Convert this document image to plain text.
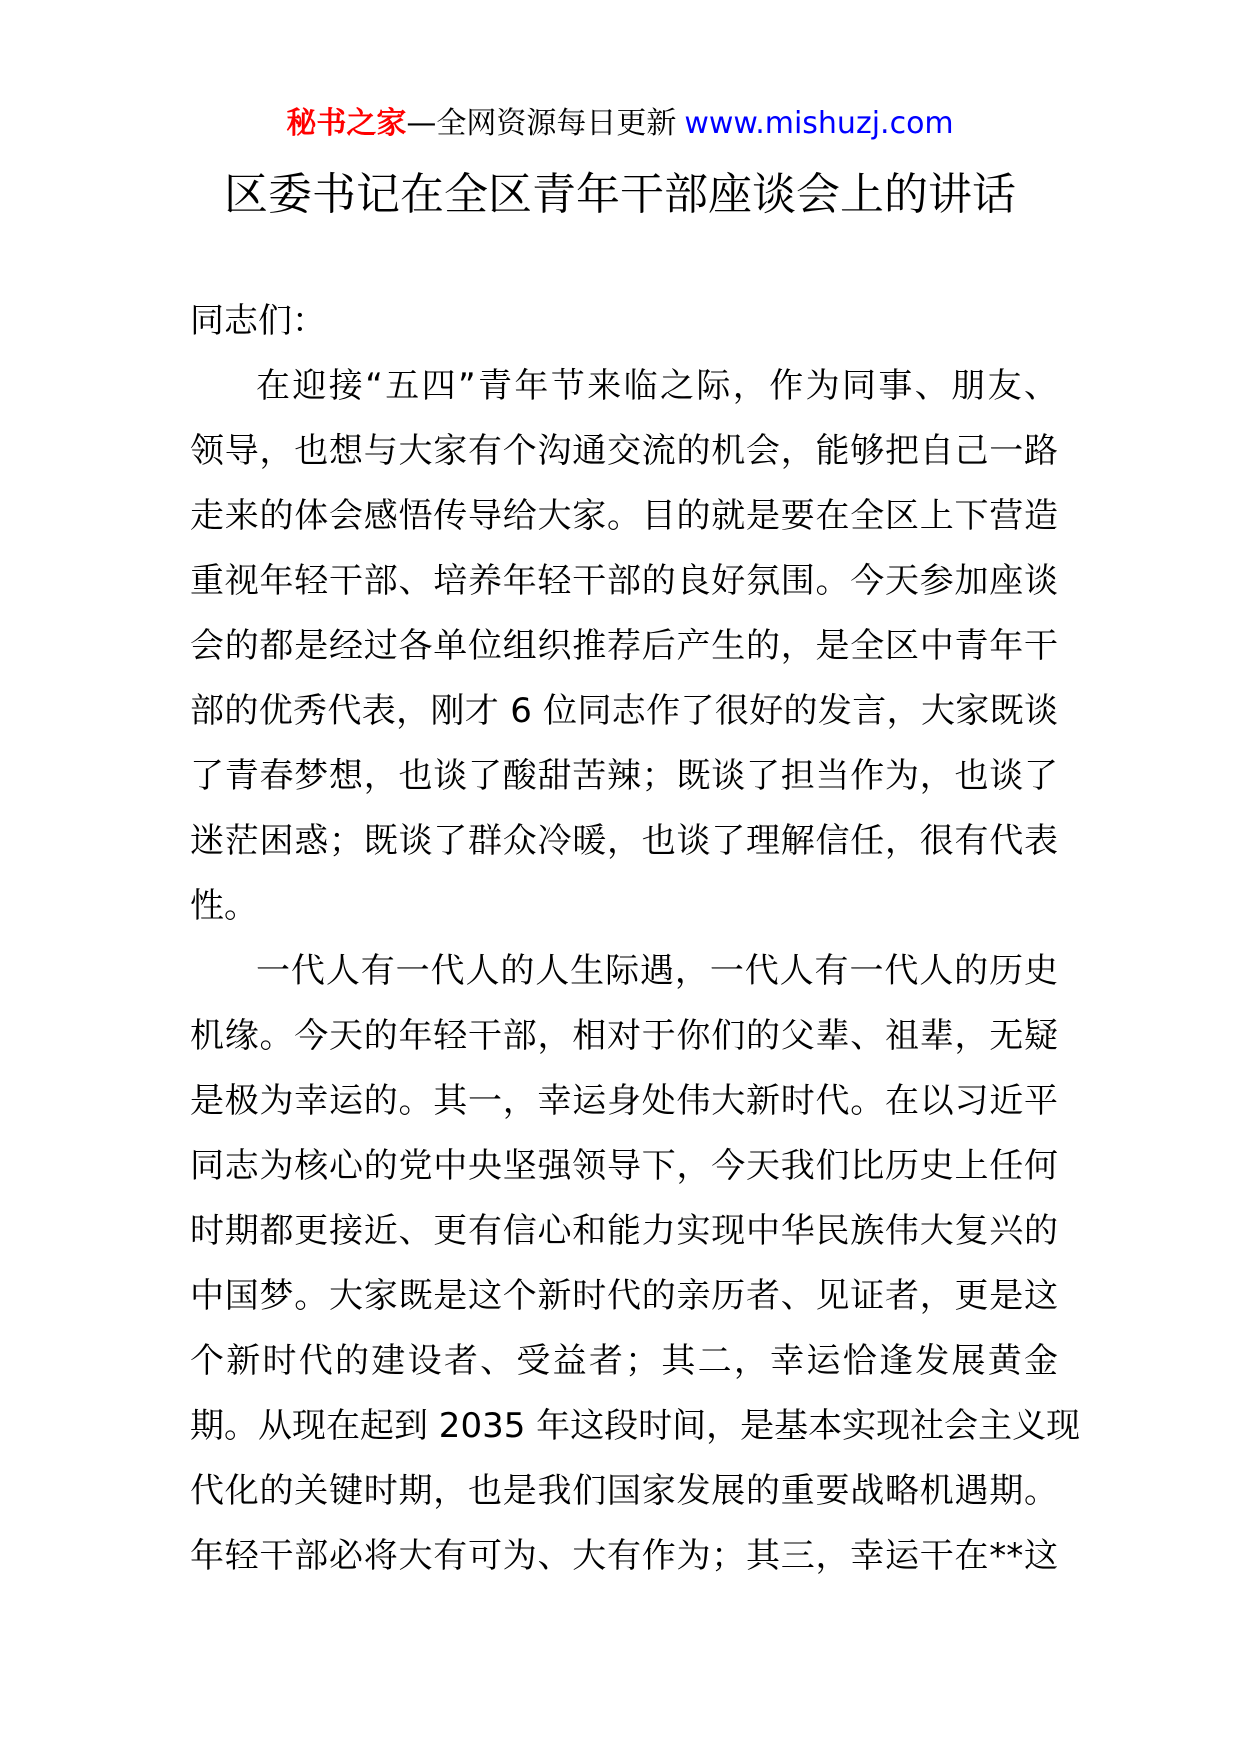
秘书之家—全网资源每日更新 www.mishuzj.com
区委书记在全区青年干部座谈会上的讲话
同志们：
在迎接“五四”青年节来临之际，作为同事、朋友、
领导，也想与大家有个沟通交流的机会，能够把自己一路
走来的体会感悟传导给大家。目的就是要在全区上下营造
重视年轻干部、培养年轻干部的良好氛围。今天参加座谈
会的都是经过各单位组织推荐后产生的，是全区中青年干
部的优秀代表，刚才 6 位同志作了很好的发言，大家既谈
了青春梦想，也谈了酸甜苦辣；既谈了担当作为，也谈了
迷茫困惑；既谈了群众冷暖，也谈了理解信任，很有代表
性。
一代人有一代人的人生际遇，一代人有一代人的历史
机缘。今天的年轻干部，相对于你们的父辈、祖辈，无疑
是极为幸运的。其一，幸运身处伟大新时代。在以习近平
同志为核心的党中央坚强领导下，今天我们比历史上任何
时期都更接近、更有信心和能力实现中华民族伟大复兴的
中国梦。大家既是这个新时代的亲历者、见证者，更是这
个新时代的建设者、受益者；其二，幸运恰逢发展黄金
期。从现在起到 2035 年这段时间，是基本实现社会主义现
代化的关键时期，也是我们国家发展的重要战略机遇期。
年轻干部必将大有可为、大有作为；其三，幸运干在**这
